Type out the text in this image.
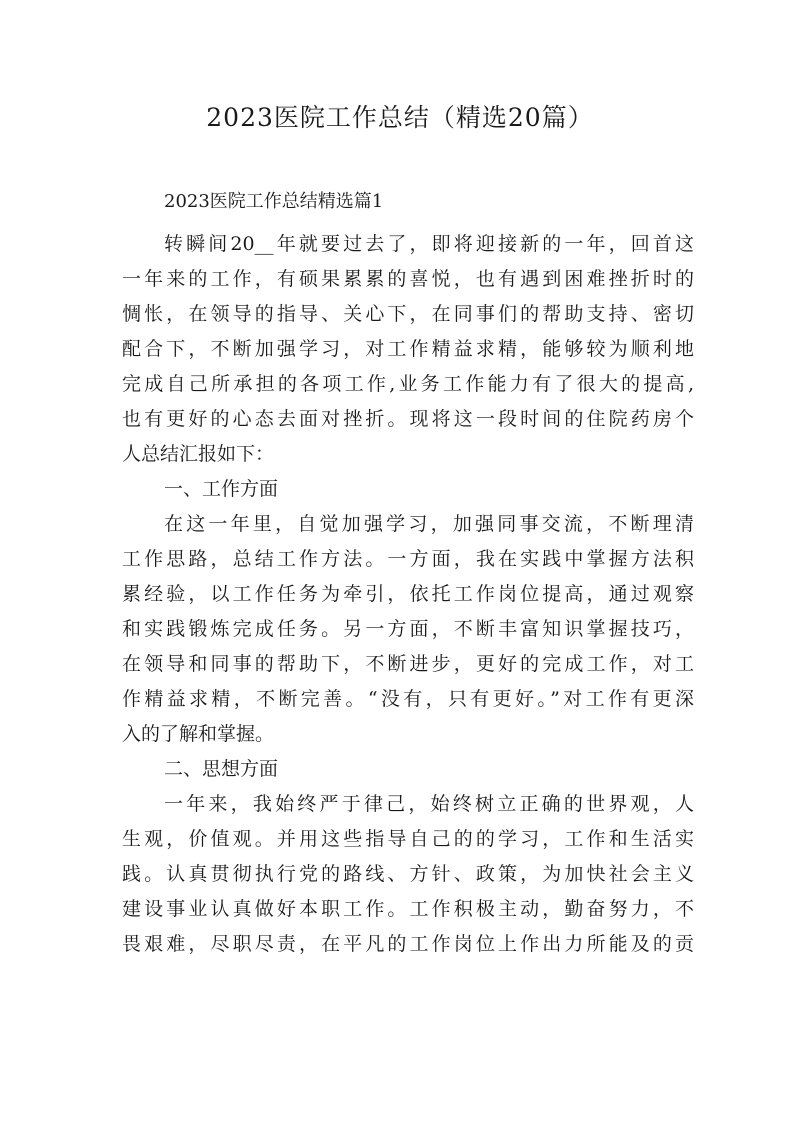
2023医院工作总结（精选20篇）
2023医院工作总结精选篇1
转瞬间20__年就要过去了，即将迎接新的一年，回首这
一年来的工作，有硕果累累的喜悦，也有遇到困难挫折时的
惆怅，在领导的指导、关心下，在同事们的帮助支持、密切
配合下，不断加强学习，对工作精益求精，能够较为顺利地
完成自己所承担的各项工作,业务工作能力有了很大的提高,
也有更好的心态去面对挫折。现将这一段时间的住院药房个
人总结汇报如下：
一、工作方面
在这一年里，自觉加强学习，加强同事交流，不断理清
工作思路，总结工作方法。一方面，我在实践中掌握方法积
累经验，以工作任务为牵引，依托工作岗位提高，通过观察
和实践锻炼完成任务。另一方面，不断丰富知识掌握技巧，
在领导和同事的帮助下，不断进步，更好的完成工作，对工
作精益求精，不断完善。“没有，只有更好。”对工作有更深
入的了解和掌握。
二、思想方面
一年来，我始终严于律己，始终树立正确的世界观，人
生观，价值观。并用这些指导自己的的学习，工作和生活实
践。认真贯彻执行党的路线、方针、政策，为加快社会主义
建设事业认真做好本职工作。工作积极主动，勤奋努力，不
畏艰难，尽职尽责，在平凡的工作岗位上作出力所能及的贡
